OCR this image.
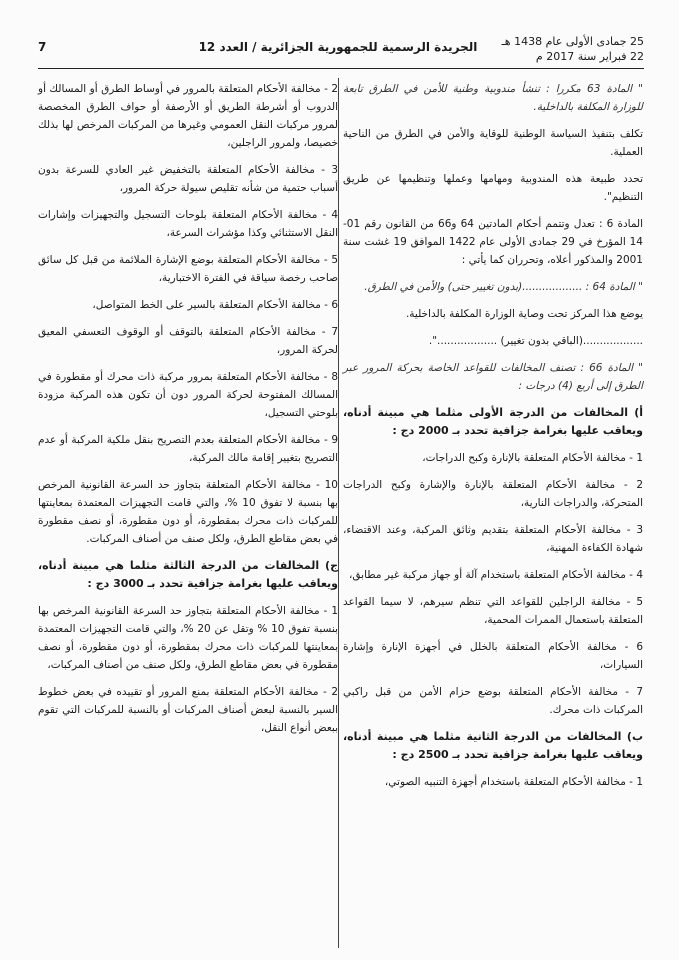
25 جمادى الأولى عام 1438 هـ
22 فبراير سنة 2017 م
الجريدة الرسمية للجمهورية الجزائرية / العدد 12
7

" المادة 63 مكررا : تنشأ مندوبية وطنية للأمن في الطرق تابعة للوزارة المكلفة بالداخلية.

تكلف بتنفيذ السياسة الوطنية للوقاية والأمن في الطرق من الناحية العملية.

تحدد طبيعة هذه المندوبية ومهامها وعملها وتنظيمها عن طريق التنظيم".

المادة 6 : تعدل وتتمم أحكام المادتين 64 و66 من القانون رقم 01-14 المؤرخ في 29 جمادى الأولى عام 1422 الموافق 19 غشت سنة 2001 والمذكور أعلاه، وتحرران كما يأتي :

" المادة 64 : ..................(بدون تغيير حتى) والأمن في الطرق.

يوضع هذا المركز تحت وصاية الوزارة المكلفة بالداخلية.

..................(الباقي بدون تغيير) ..................".

" المادة 66 : تصنف المخالفات للقواعد الخاصة بحركة المرور عبر الطرق إلى أربع (4) درجات :

أ) المخالفات من الدرجة الأولى مثلما هي مبينة أدناه، ويعاقب عليها بغرامة جزافية تحدد بـ 2000 دج :

1 - مخالفة الأحكام المتعلقة بالإنارة وكبح الدراجات،

2 - مخالفة الأحكام المتعلقة بالإنارة والإشارة وكبح الدراجات المتحركة، والدراجات النارية،

3 - مخالفة الأحكام المتعلقة بتقديم وثائق المركبة، وعند الاقتضاء، شهادة الكفاءة المهنية،

4 - مخالفة الأحكام المتعلقة باستخدام آلة أو جهاز مركبة غير مطابق،

5 - مخالفة الراجلين للقواعد التي تنظم سيرهم، لا سيما القواعد المتعلقة باستعمال الممرات المحمية،

6 - مخالفة الأحكام المتعلقة بالخلل في أجهزة الإنارة وإشارة السيارات،

7 - مخالفة الأحكام المتعلقة بوضع حزام الأمن من قبل راكبي المركبات ذات محرك.

ب) المخالفات من الدرجة الثانية مثلما هي مبينة أدناه، ويعاقب عليها بغرامة جزافية تحدد بـ 2500 دج :

1 - مخالفة الأحكام المتعلقة باستخدام أجهزة التنبيه الصوتي،

2 - مخالفة الأحكام المتعلقة بالمرور في أوساط الطرق أو المسالك أو الدروب أو أشرطة الطريق أو الأرصفة أو حواف الطرق المخصصة لمرور مركبات النقل العمومي وغيرها من المركبات المرخص لها بذلك خصيصا، ولمرور الراجلين،

3 - مخالفة الأحكام المتعلقة بالتخفيض غير العادي للسرعة بدون أسباب حتمية من شأنه تقليص سيولة حركة المرور،

4 - مخالفة الأحكام المتعلقة بلوحات التسجيل والتجهيزات وإشارات النقل الاستثنائي وكذا مؤشرات السرعة،

5 - مخالفة الأحكام المتعلقة بوضع الإشارة الملائمة من قبل كل سائق صاحب رخصة سياقة في الفترة الاختبارية،

6 - مخالفة الأحكام المتعلقة بالسير على الخط المتواصل،

7 - مخالفة الأحكام المتعلقة بالتوقف أو الوقوف التعسفي المعيق لحركة المرور،

8 - مخالفة الأحكام المتعلقة بمرور مركبة ذات محرك أو مقطورة في المسالك المفتوحة لحركة المرور دون أن تكون هذه المركبة مزودة بلوحتي التسجيل،

9 - مخالفة الأحكام المتعلقة بعدم التصريح بنقل ملكية المركبة أو عدم التصريح بتغيير إقامة مالك المركبة،

10 - مخالفة الأحكام المتعلقة بتجاوز حد السرعة القانونية المرخص بها بنسبة لا تفوق 10 %، والتي قامت التجهيزات المعتمدة بمعاينتها للمركبات ذات محرك بمقطورة، أو دون مقطورة، أو نصف مقطورة في بعض مقاطع الطرق، ولكل صنف من أصناف المركبات.

ج) المخالفات من الدرجة الثالثة مثلما هي مبينة أدناه، ويعاقب عليها بغرامة جزافية تحدد بـ 3000 دج :

1 - مخالفة الأحكام المتعلقة بتجاوز حد السرعة القانونية المرخص بها بنسبة تفوق 10 % وتقل عن 20 %، والتي قامت التجهيزات المعتمدة بمعاينتها للمركبات ذات محرك بمقطورة، أو دون مقطورة، أو نصف مقطورة في بعض مقاطع الطرق، ولكل صنف من أصناف المركبات،

2 - مخالفة الأحكام المتعلقة بمنع المرور أو تقييده في بعض خطوط السير بالنسبة لبعض أصناف المركبات أو بالنسبة للمركبات التي تقوم ببعض أنواع النقل،
